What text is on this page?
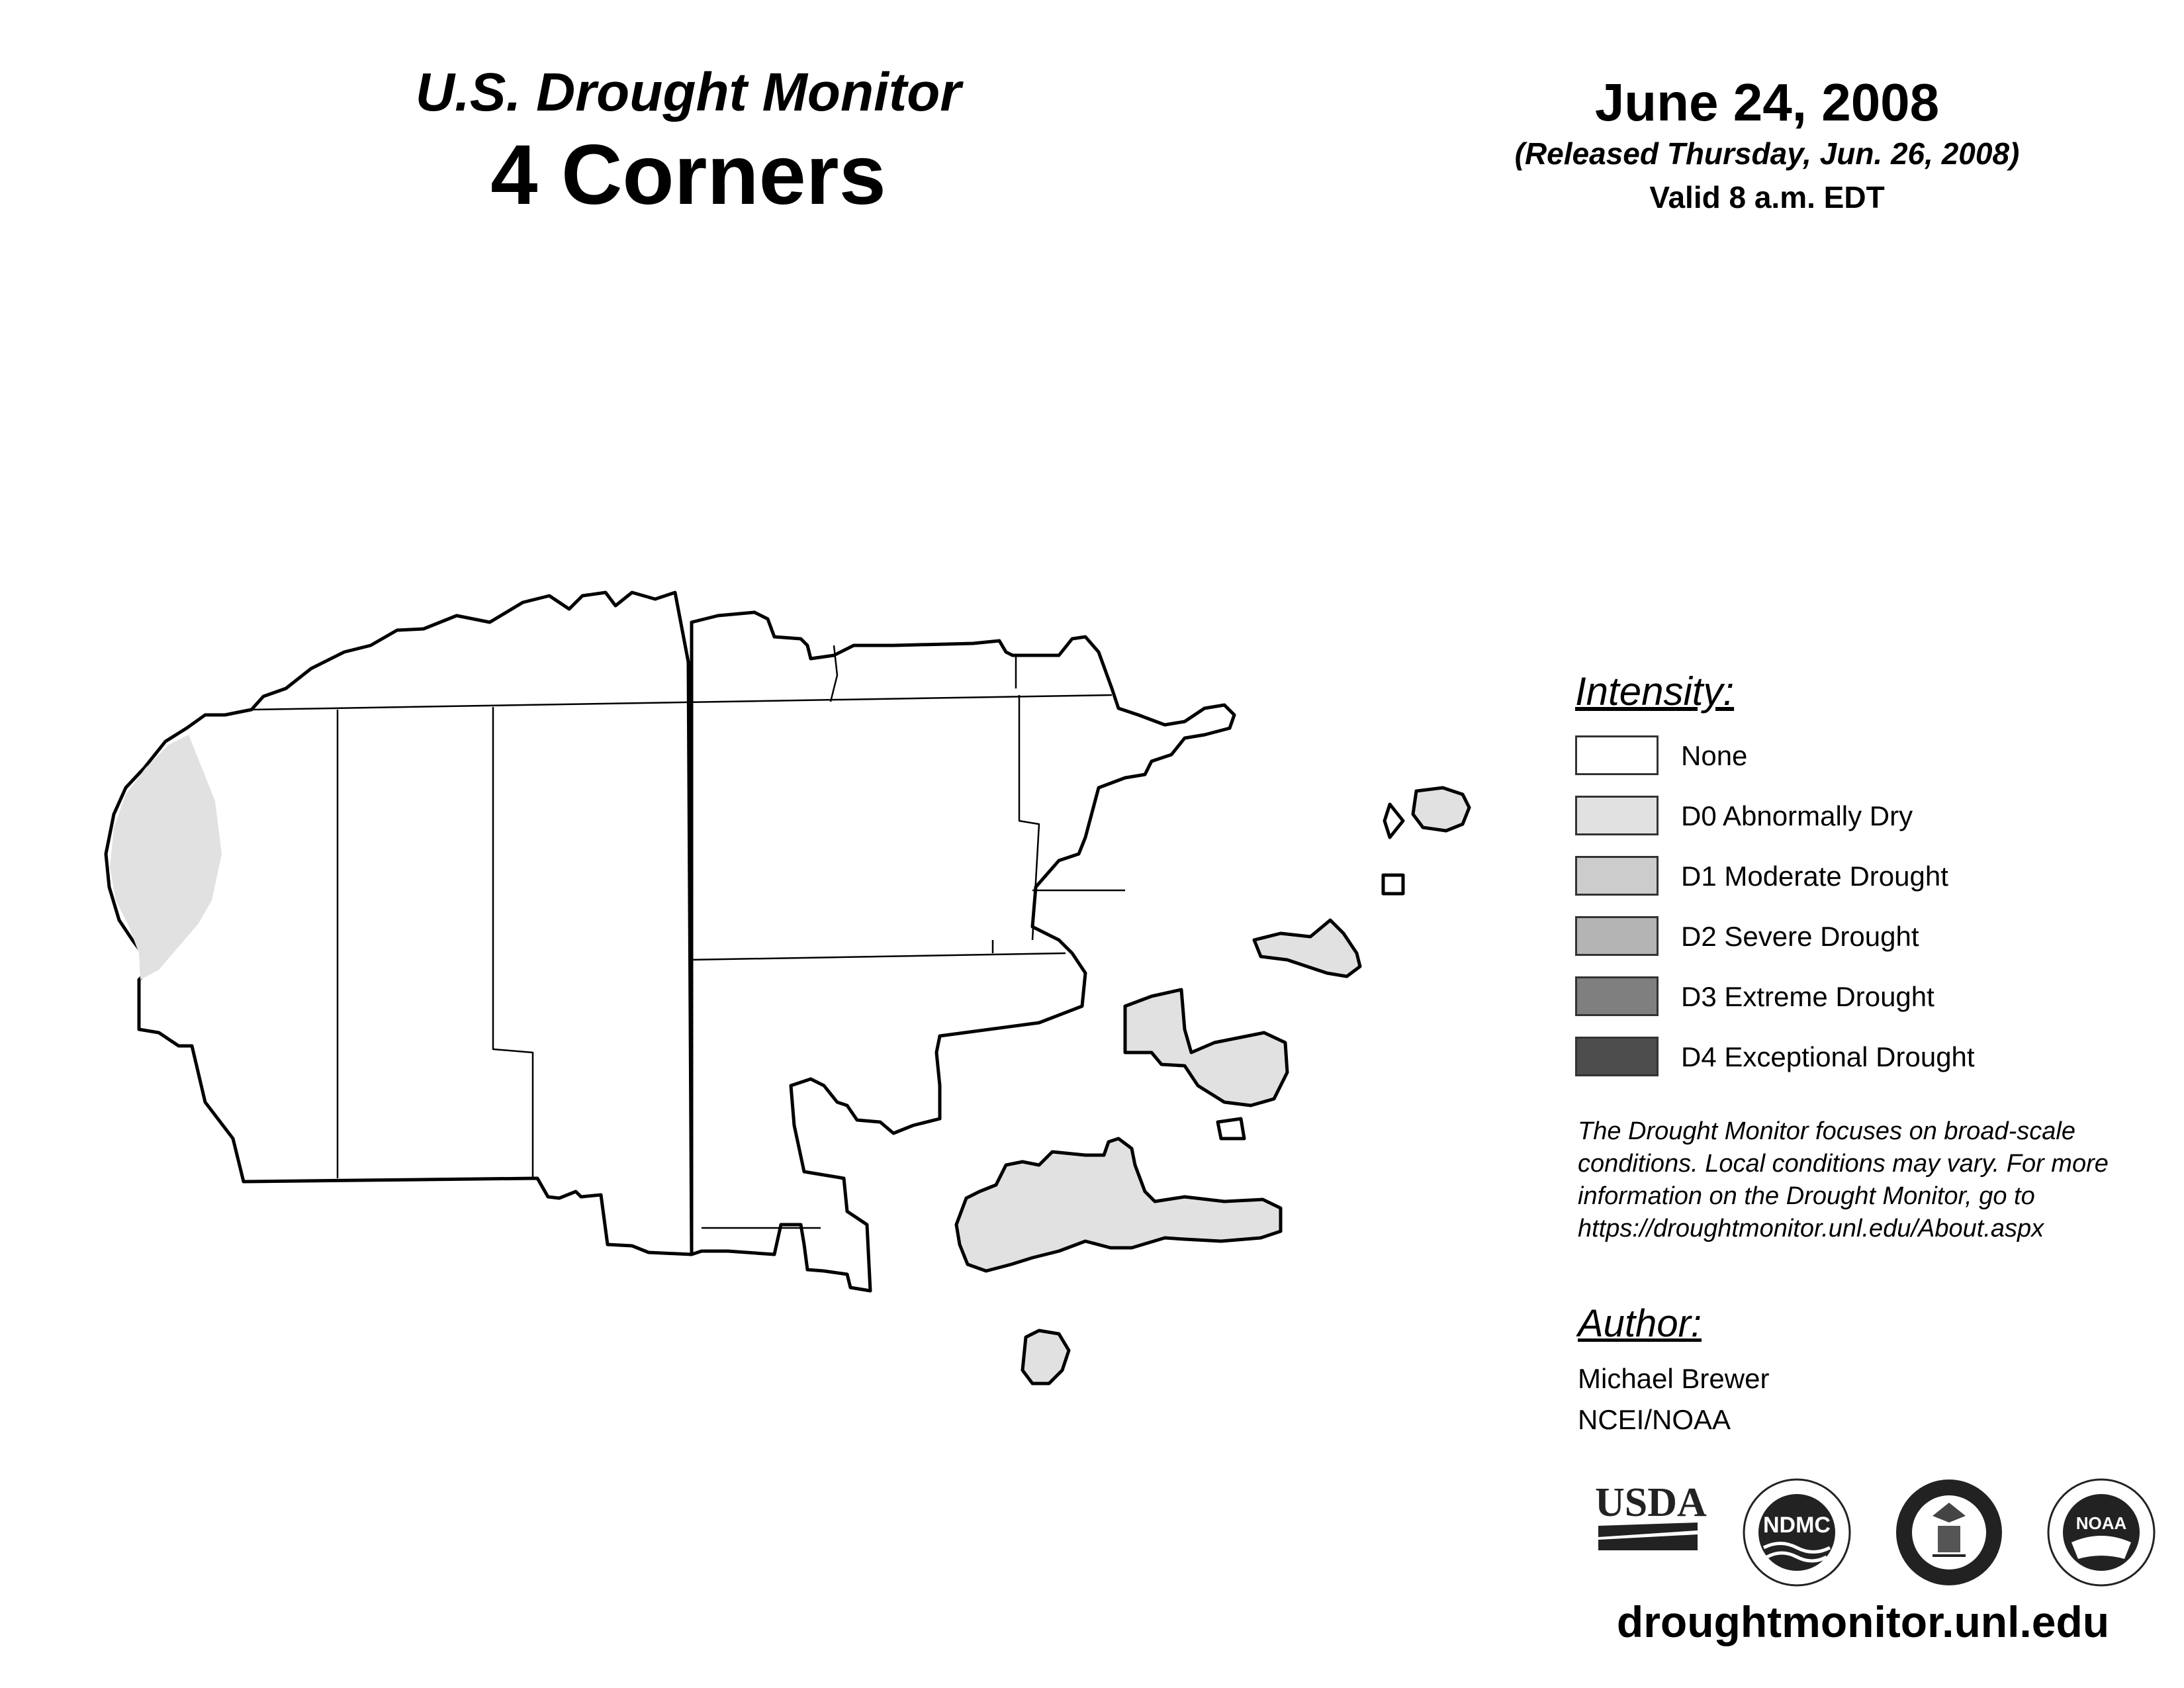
U.S. Drought Monitor
4 Corners
June 24, 2008
(Released Thursday, Jun. 26, 2008)
Valid 8 a.m. EDT
Intensity:
None
D0 Abnormally Dry
D1 Moderate Drought
D2 Severe Drought
D3 Extreme Drought
D4 Exceptional Drought
The Drought Monitor focuses on broad-scale conditions. Local conditions may vary. For more information on the Drought Monitor, go to https://droughtmonitor.unl.edu/About.aspx
Author:
Michael Brewer
NCEI/NOAA
USDA	NDMC	NOAA
droughtmonitor.unl.edu
